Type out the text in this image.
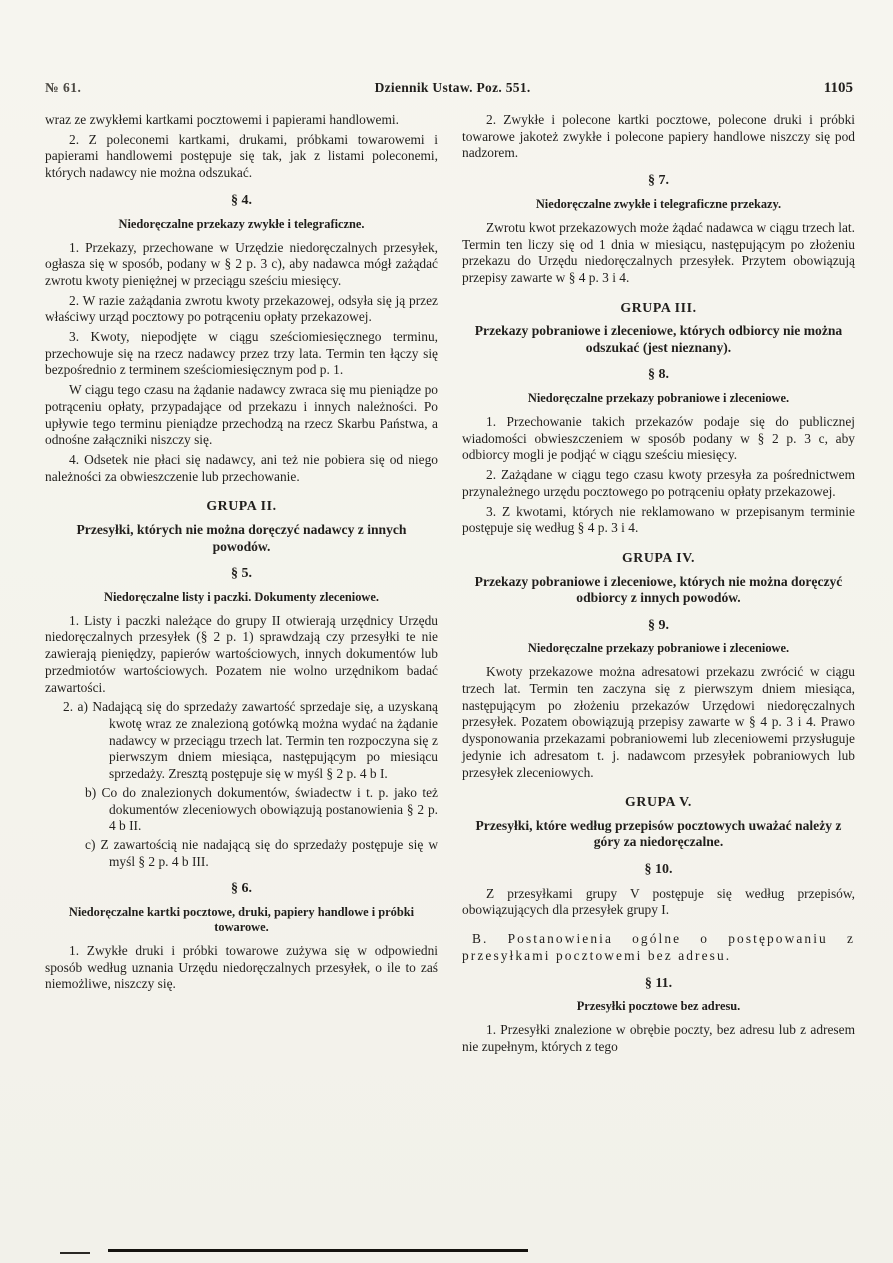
№ 61.	Dziennik Ustaw. Poz. 551.	1105
wraz ze zwykłemi kartkami pocztowemi i papierami handlowemi.
2. Z poleconemi kartkami, drukami, próbkami towarowemi i papierami handlowemi postępuje się tak, jak z listami poleconemi, których nadawcy nie można odszukać.
§ 4.
Niedoręczalne przekazy zwykłe i telegraficzne.
1. Przekazy, przechowane w Urzędzie niedoręczalnych przesyłek, ogłasza się w sposób, podany w § 2 p. 3 c), aby nadawca mógł zażądać zwrotu kwoty pieniężnej w przeciągu sześciu miesięcy.
2. W razie zażądania zwrotu kwoty przekazowej, odsyła się ją przez właściwy urząd pocztowy po potrąceniu opłaty przekazowej.
3. Kwoty, niepodjęte w ciągu sześciomiesięcznego terminu, przechowuje się na rzecz nadawcy przez trzy lata. Termin ten łączy się bezpośrednio z terminem sześciomiesięcznym pod p. 1.
W ciągu tego czasu na żądanie nadawcy zwraca się mu pieniądze po potrąceniu opłaty, przypadające od przekazu i innych należności. Po upływie tego terminu pieniądze przechodzą na rzecz Skarbu Państwa, a odnośne załączniki niszczy się.
4. Odsetek nie płaci się nadawcy, ani też nie pobiera się od niego należności za obwieszczenie lub przechowanie.
GRUPA II.
Przesyłki, których nie można doręczyć nadawcy z innych powodów.
§ 5.
Niedoręczalne listy i paczki. Dokumenty zleceniowe.
1. Listy i paczki należące do grupy II otwierają urzędnicy Urzędu niedoręczalnych przesyłek (§ 2 p. 1) sprawdzają czy przesyłki te nie zawierają pieniędzy, papierów wartościowych, innych dokumentów lub przedmiotów wartościowych. Pozatem nie wolno urzędnikom badać zawartości.
2. a) Nadającą się do sprzedaży zawartość sprzedaje się, a uzyskaną kwotę wraz ze znalezioną gotówką można wydać na żądanie nadawcy w przeciągu trzech lat. Termin ten rozpoczyna się z pierwszym dniem miesiąca, następującym po miesiącu sprzedaży. Zresztą postępuje się w myśl § 2 p. 4 b I.
b) Co do znalezionych dokumentów, świadectw i t. p. jako też dokumentów zleceniowych obowiązują postanowienia § 2 p. 4 b II.
c) Z zawartością nie nadającą się do sprzedaży postępuje się w myśl § 2 p. 4 b III.
§ 6.
Niedoręczalne kartki pocztowe, druki, papiery handlowe i próbki towarowe.
1. Zwykłe druki i próbki towarowe zużywa się w odpowiedni sposób według uznania Urzędu niedoręczalnych przesyłek, o ile to zaś niemożliwe, niszczy się.
2. Zwykłe i polecone kartki pocztowe, polecone druki i próbki towarowe jakoteż zwykłe i polecone papiery handlowe niszczy się pod nadzorem.
§ 7.
Niedoręczalne zwykłe i telegraficzne przekazy.
Zwrotu kwot przekazowych może żądać nadawca w ciągu trzech lat. Termin ten liczy się od 1 dnia w miesiącu, następującym po złożeniu przekazu do Urzędu niedoręczalnych przesyłek. Przytem obowiązują przepisy zawarte w § 4 p. 3 i 4.
GRUPA III.
Przekazy pobraniowe i zleceniowe, których odbiorcy nie można odszukać (jest nieznany).
§ 8.
Niedoręczalne przekazy pobraniowe i zleceniowe.
1. Przechowanie takich przekazów podaje się do publicznej wiadomości obwieszczeniem w sposób podany w § 2 p. 3 c, aby odbiorcy mogli je podjąć w ciągu sześciu miesięcy.
2. Zażądane w ciągu tego czasu kwoty przesyła za pośrednictwem przynależnego urzędu pocztowego po potrąceniu opłaty przekazowej.
3. Z kwotami, których nie reklamowano w przepisanym terminie postępuje się według § 4 p. 3 i 4.
GRUPA IV.
Przekazy pobraniowe i zleceniowe, których nie można doręczyć odbiorcy z innych powodów.
§ 9.
Niedoręczalne przekazy pobraniowe i zleceniowe.
Kwoty przekazowe można adresatowi przekazu zwrócić w ciągu trzech lat. Termin ten zaczyna się z pierwszym dniem miesiąca, następującym po złożeniu przekazów Urzędowi niedoręczalnych przesyłek. Pozatem obowiązują przepisy zawarte w § 4 p. 3 i 4. Prawo dysponowania przekazami pobraniowemi lub zleceniowemi przysługuje jedynie ich adresatom t. j. nadawcom przesyłek pobraniowych lub przesyłek zleceniowych.
GRUPA V.
Przesyłki, które według przepisów pocztowych uważać należy z góry za niedoręczalne.
§ 10.
Z przesyłkami grupy V postępuje się według przepisów, obowiązujących dla przesyłek grupy I.
B. Postanowienia ogólne o postępowaniu z przesyłkami pocztowemi bez adresu.
§ 11.
Przesyłki pocztowe bez adresu.
1. Przesyłki znalezione w obrębie poczty, bez adresu lub z adresem nie zupełnym, których z tego
